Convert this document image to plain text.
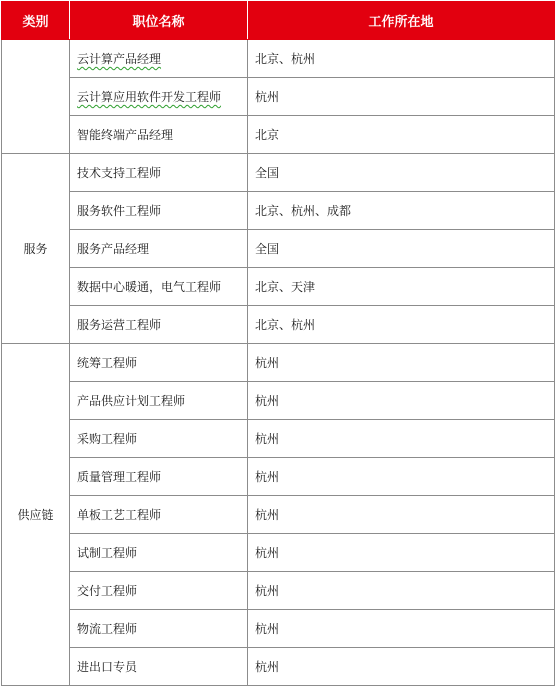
类别	职位名称	工作所在地
	云计算产品经理	北京、杭州
	云计算应用软件开发工程师	杭州
	智能终端产品经理	北京
服务	技术支持工程师	全国
	服务软件工程师	北京、杭州、成都
	服务产品经理	全国
	数据中心暖通，电气工程师	北京、天津
	服务运营工程师	北京、杭州
供应链	统筹工程师	杭州
	产品供应计划工程师	杭州
	采购工程师	杭州
	质量管理工程师	杭州
	单板工艺工程师	杭州
	试制工程师	杭州
	交付工程师	杭州
	物流工程师	杭州
	进出口专员	杭州
